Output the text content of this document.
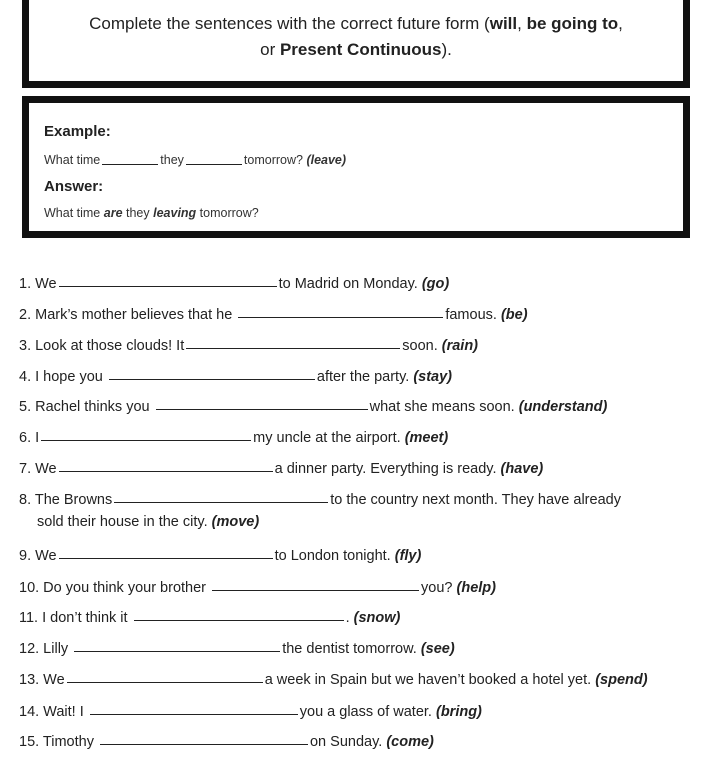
Complete the sentences with the correct future form (will, be going to,
or Present Continuous).
Example:
What time	they	tomorrow? (leave)
Answer:
What time are they leaving tomorrow?
1. We	to Madrid on Monday. (go)
2. Mark’s mother believes that he	famous. (be)
3. Look at those clouds! It	soon. (rain)
4. I hope you	after the party. (stay)
5. Rachel thinks you	what she means soon. (understand)
6. I	my uncle at the airport. (meet)
7. We	a dinner party. Everything is ready. (have)
8. The Browns	to the country next month. They have already
9. We	to London tonight. (fly)
10. Do you think your brother	you? (help)
11. I don’t think it	. (snow)
12. Lilly	the dentist tomorrow. (see)
13. We	a week in Spain but we haven’t booked a hotel yet. (spend)
14. Wait! I	you a glass of water. (bring)
15. Timothy	on Sunday. (come)
sold their house in the city. (move)
